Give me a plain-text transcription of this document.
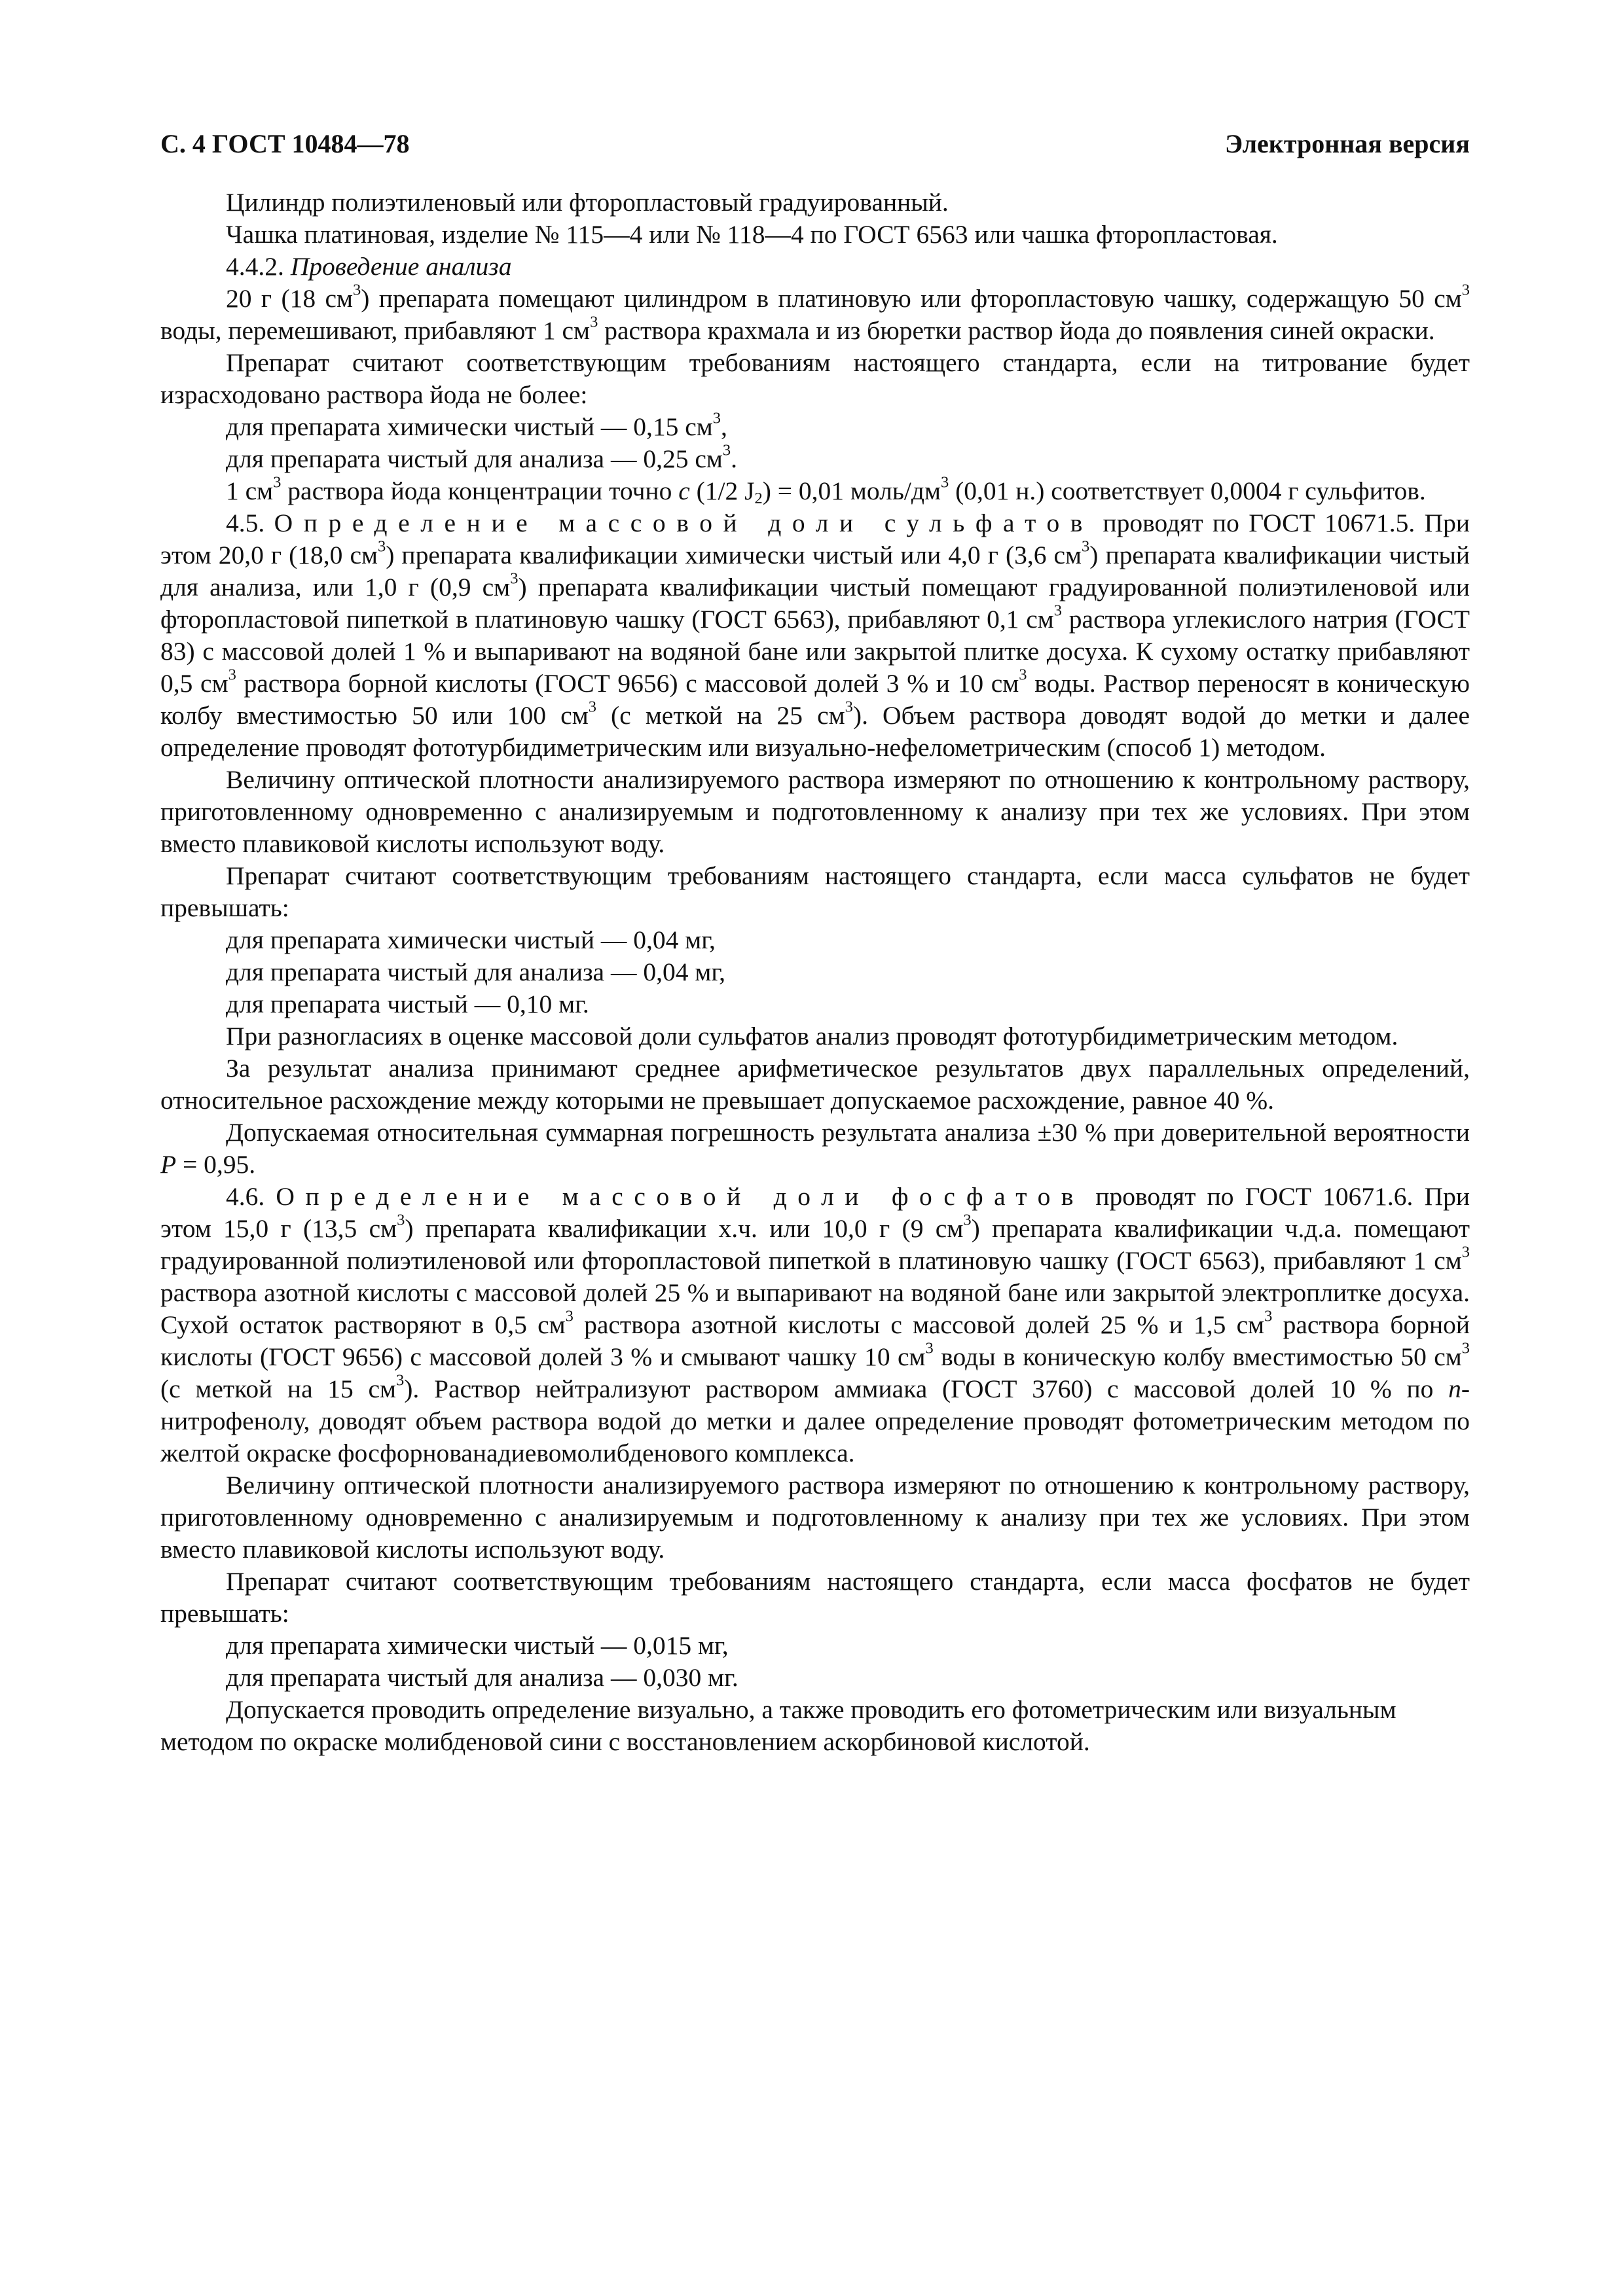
С. 4 ГОСТ 10484—78	Электронная версия

Цилиндр полиэтиленовый или фторопластовый градуированный.

Чашка платиновая, изделие № 115—4 или № 118—4 по ГОСТ 6563 или чашка фторопластовая.

4.4.2. Проведение анализа

20 г (18 $см^3$) препарата помещают цилиндром в платиновую или фторопластовую чашку, содержащую 50 $см^3$ воды, перемешивают, прибавляют 1 $см^3$ раствора крахмала и из бюретки раствор йода до появления синей окраски.

Препарат считают соответствующим требованиям настоящего стандарта, если на титрование будет израсходовано раствора йода не более:

для препарата химически чистый — 0,15 $см^3$,

для препарата чистый для анализа — 0,25 $см^3$.

1 $см^3$ раствора йода концентрации точно c (1/2 $J_2) = 0,01$ моль/$дм^3$ (0,01 н.) соответствует 0,0004 г сульфитов.

4.5. Определение массовой доли сульфатов проводят по ГОСТ 10671.5. При этом 20,0 г (18,0 $см^3$) препарата квалификации химически чистый или 4,0 г (3,6 $см^3$) препарата квалификации чистый для анализа, или 1,0 г (0,9 $см^3$) препарата квалификации чистый помещают градуированной полиэтиленовой или фторопластовой пипеткой в платиновую чашку (ГОСТ 6563), прибавляют 0,1 $см^3$ раствора углекислого натрия (ГОСТ 83) с массовой долей 1 % и выпаривают на водяной бане или закрытой плитке досуха. К сухому остатку прибавляют 0,5 $см^3$ раствора борной кислоты (ГОСТ 9656) с массовой долей 3 % и 10 $см^3$ воды. Раствор переносят в коническую колбу вместимостью 50 или 100 $см^3$ (с меткой на 25 $см^3$). Объем раствора доводят водой до метки и далее определение проводят фототурбидиметрическим или визуально-нефелометрическим (способ 1) методом.

Величину оптической плотности анализируемого раствора измеряют по отношению к контрольному раствору, приготовленному одновременно с анализируемым и подготовленному к анализу при тех же условиях. При этом вместо плавиковой кислоты используют воду.

Препарат считают соответствующим требованиям настоящего стандарта, если масса сульфатов не будет превышать:

для препарата химически чистый — 0,04 мг,

для препарата чистый для анализа — 0,04 мг,

для препарата чистый — 0,10 мг.

При разногласиях в оценке массовой доли сульфатов анализ проводят фототурбидиметрическим методом.

За результат анализа принимают среднее арифметическое результатов двух параллельных определений, относительное расхождение между которыми не превышает допускаемое расхождение, равное 40 %.

Допускаемая относительная суммарная погрешность результата анализа ±30 % при доверительной вероятности P = 0,95.

4.6. Определение массовой доли фосфатов проводят по ГОСТ 10671.6. При этом 15,0 г (13,5 $см^3$) препарата квалификации х.ч. или 10,0 г (9 $см^3$) препарата квалификации ч.д.а. помещают градуированной полиэтиленовой или фторопластовой пипеткой в платиновую чашку (ГОСТ 6563), прибавляют 1 $см^3$ раствора азотной кислоты с массовой долей 25 % и выпаривают на водяной бане или закрытой электроплитке досуха. Сухой остаток растворяют в 0,5 $см^3$ раствора азотной кислоты с массовой долей 25 % и 1,5 $см^3$ раствора борной кислоты (ГОСТ 9656) с массовой долей 3 % и смывают чашку 10 $см^3$ воды в коническую колбу вместимостью 50 $см^3$ (с меткой на 15 $см^3$). Раствор нейтрализуют раствором аммиака (ГОСТ 3760) с массовой долей 10 % по n-нитрофенолу, доводят объем раствора водой до метки и далее определение проводят фотометрическим методом по желтой окраске фосфорнованадиевомолибденового комплекса.

Величину оптической плотности анализируемого раствора измеряют по отношению к контрольному раствору, приготовленному одновременно с анализируемым и подготовленному к анализу при тех же условиях. При этом вместо плавиковой кислоты используют воду.

Препарат считают соответствующим требованиям настоящего стандарта, если масса фосфатов не будет превышать:

для препарата химически чистый — 0,015 мг,

для препарата чистый для анализа — 0,030 мг.

Допускается проводить определение визуально, а также проводить его фотометрическим или визуальным методом по окраске молибденовой сини с восстановлением аскорбиновой кислотой.
